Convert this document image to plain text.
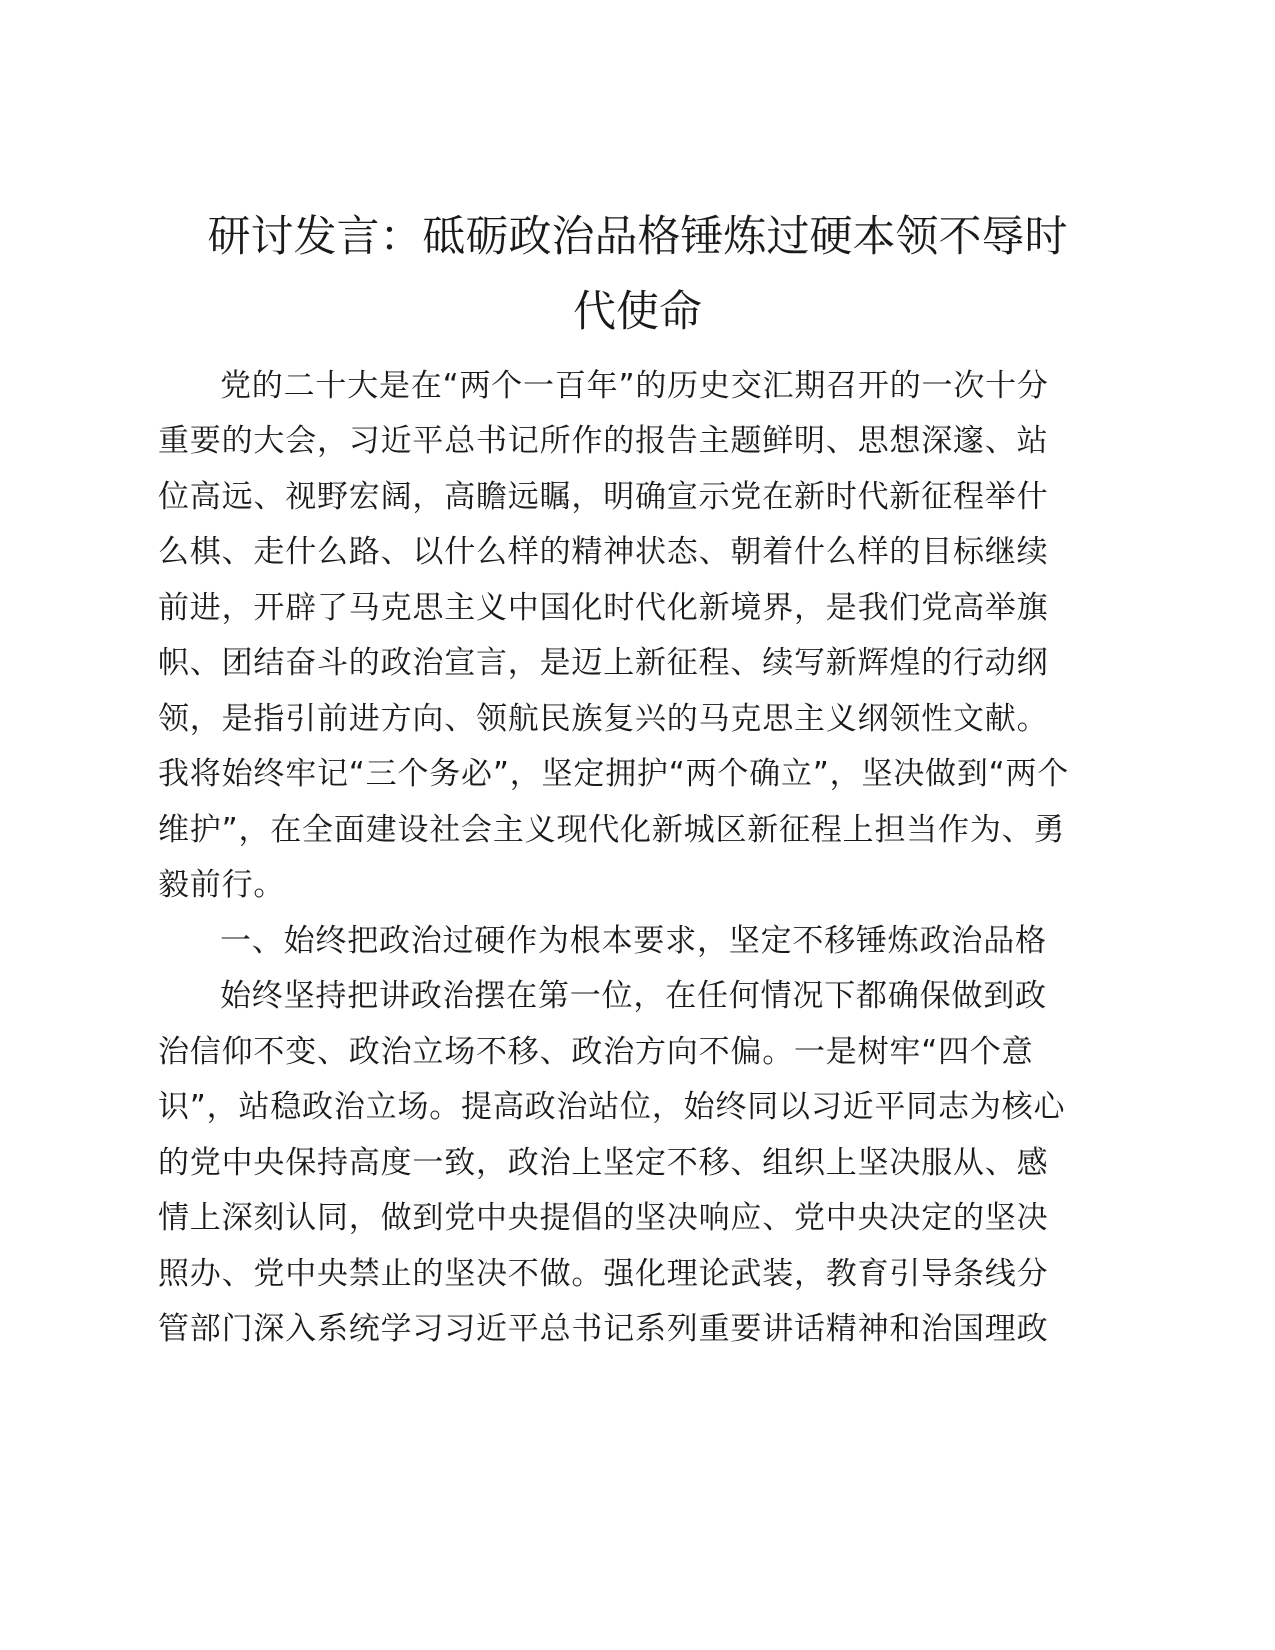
研讨发言：砥砺政治品格锤炼过硬本领不辱时
代使命
党的二十大是在“两个一百年”的历史交汇期召开的一次十分
重要的大会，习近平总书记所作的报告主题鲜明、思想深邃、站
位高远、视野宏阔，高瞻远瞩，明确宣示党在新时代新征程举什
么棋、走什么路、以什么样的精神状态、朝着什么样的目标继续
前进，开辟了马克思主义中国化时代化新境界，是我们党高举旗
帜、团结奋斗的政治宣言，是迈上新征程、续写新辉煌的行动纲
领，是指引前进方向、领航民族复兴的马克思主义纲领性文献。
我将始终牢记“三个务必”，坚定拥护“两个确立”，坚决做到“两个
维护”，在全面建设社会主义现代化新城区新征程上担当作为、勇
毅前行。
一、始终把政治过硬作为根本要求，坚定不移锤炼政治品格
始终坚持把讲政治摆在第一位，在任何情况下都确保做到政
治信仰不变、政治立场不移、政治方向不偏。一是树牢“四个意
识”，站稳政治立场。提高政治站位，始终同以习近平同志为核心
的党中央保持高度一致，政治上坚定不移、组织上坚决服从、感
情上深刻认同，做到党中央提倡的坚决响应、党中央决定的坚决
照办、党中央禁止的坚决不做。强化理论武装，教育引导条线分
管部门深入系统学习习近平总书记系列重要讲话精神和治国理政
